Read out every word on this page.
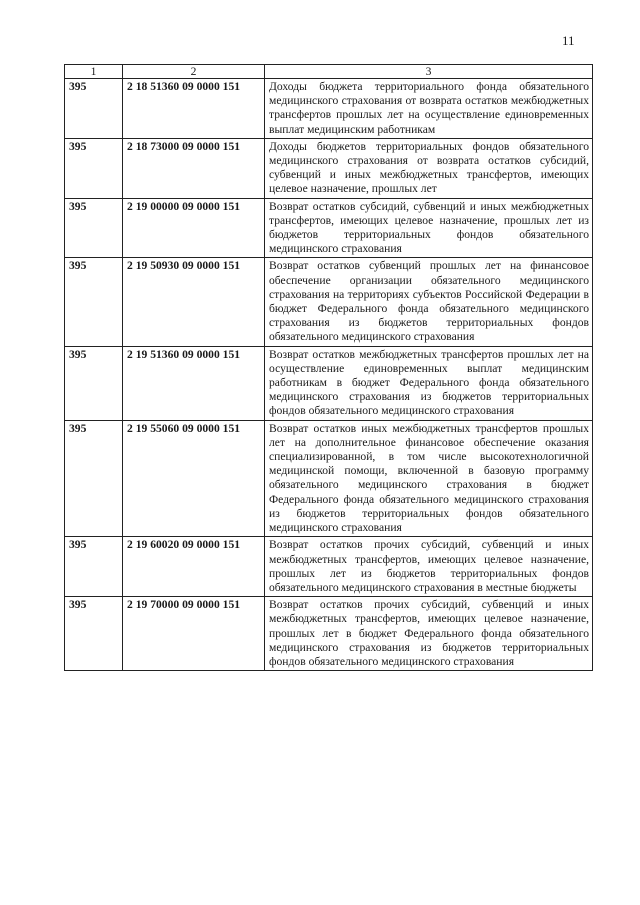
11
1	2	3
395	2 18 51360 09 0000 151	Доходы бюджета территориального фонда обязательного медицинского страхования от возврата остатков межбюджетных трансфертов прошлых лет на осуществление единовременных выплат медицинским работникам
395	2 18 73000 09 0000 151	Доходы бюджетов территориальных фондов обязательного медицинского страхования от возврата остатков субсидий, субвенций и иных межбюджетных трансфертов, имеющих целевое назначение, прошлых лет
395	2 19 00000 09 0000 151	Возврат остатков субсидий, субвенций и иных межбюджетных трансфертов, имеющих целевое назначение, прошлых лет из бюджетов территориальных фондов обязательного медицинского страхования
395	2 19 50930 09 0000 151	Возврат остатков субвенций прошлых лет на финансовое обеспечение организации обязательного медицинского страхования на территориях субъектов Российской Федерации в бюджет Федерального фонда обязательного медицинского страхования из бюджетов территориальных фондов обязательного медицинского страхования
395	2 19 51360 09 0000 151	Возврат остатков межбюджетных трансфертов прошлых лет на осуществление единовременных выплат медицинским работникам в бюджет Федерального фонда обязательного медицинского страхования из бюджетов территориальных фондов обязательного медицинского страхования
395	2 19 55060 09 0000 151	Возврат остатков иных межбюджетных трансфертов прошлых лет на дополнительное финансовое обеспечение оказания специализированной, в том числе высокотехнологичной медицинской помощи, включенной в базовую программу обязательного медицинского страхования в бюджет Федерального фонда обязательного медицинского страхования из бюджетов территориальных фондов обязательного медицинского страхования
395	2 19 60020 09 0000 151	Возврат остатков прочих субсидий, субвенций и иных межбюджетных трансфертов, имеющих целевое назначение, прошлых лет из бюджетов территориальных фондов обязательного медицинского страхования в местные бюджеты
395	2 19 70000 09 0000 151	Возврат остатков прочих субсидий, субвенций и иных межбюджетных трансфертов, имеющих целевое назначение, прошлых лет в бюджет Федерального фонда обязательного медицинского страхования из бюджетов территориальных фондов обязательного медицинского страхования
